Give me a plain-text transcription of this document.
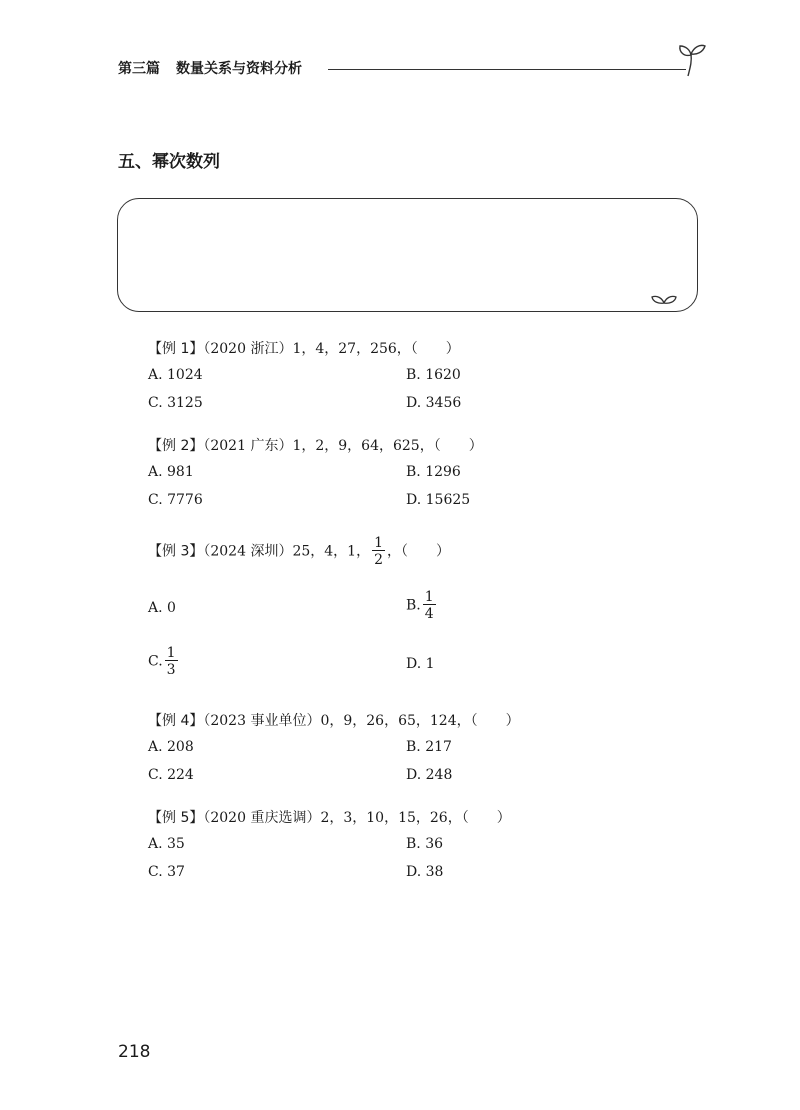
第三篇 数量关系与资料分析
五、幂次数列
【例 1】（2020 浙江）1，4，27，256，（　　）
A. 1024	B. 1620
C. 3125	D. 3456
【例 2】（2021 广东）1，2，9，64，625，（　　）
A. 981	B. 1296
C. 7776	D. 15625
【例 3】（2024 深圳）25，4，1， $\frac{1}{2}$ ，（　　）
A. 0	B. $\frac{1}{4}$
C. $\frac{1}{3}$	D. 1
【例 4】（2023 事业单位）0，9，26，65，124，（　　）
A. 208	B. 217
C. 224	D. 248
【例 5】（2020 重庆选调）2，3，10，15，26，（　　）
A. 35	B. 36
C. 37	D. 38
218
